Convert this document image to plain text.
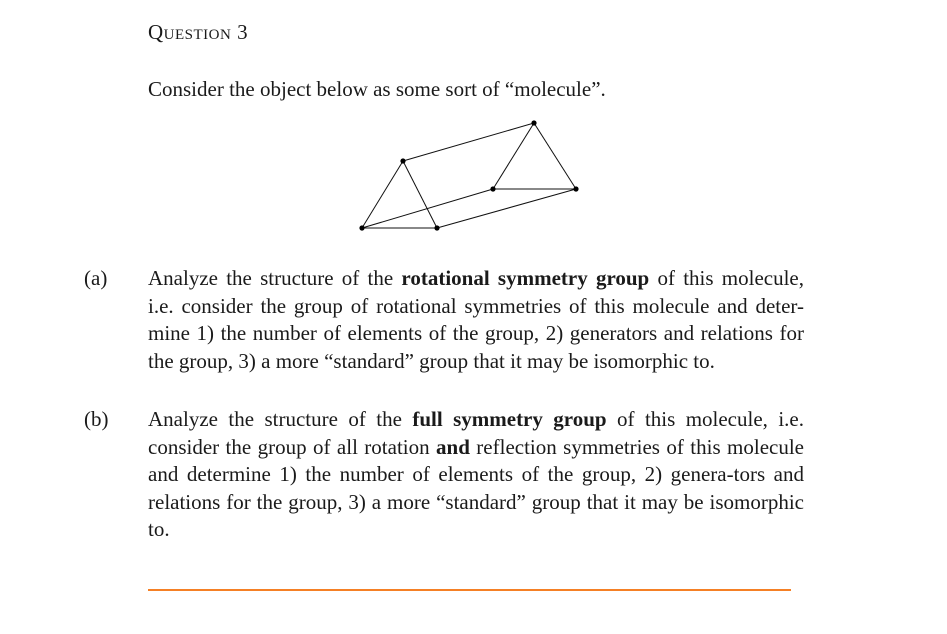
Question 3
Consider the object below as some sort of “molecule”.
(a) Analyze the structure of the rotational symmetry group of this molecule, i.e. consider the group of rotational symmetries of this molecule and deter-mine 1) the number of elements of the group, 2) generators and relations for the group, 3) a more “standard” group that it may be isomorphic to.
(b) Analyze the structure of the full symmetry group of this molecule, i.e. consider the group of all rotation and reflection symmetries of this molecule and determine 1) the number of elements of the group, 2) genera-tors and relations for the group, 3) a more “standard” group that it may be isomorphic to.
